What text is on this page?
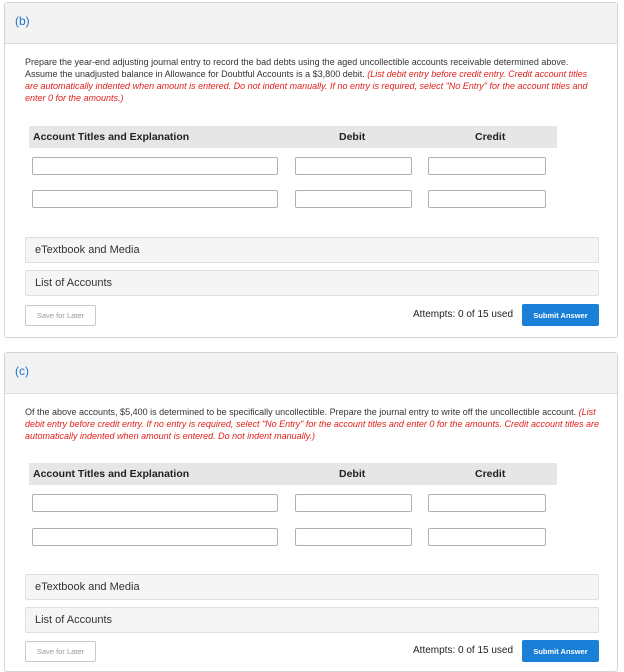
(b)
Prepare the year-end adjusting journal entry to record the bad debts using the aged uncollectible accounts receivable determined above. Assume the unadjusted balance in Allowance for Doubtful Accounts is a $3,800 debit. (List debit entry before credit entry. Credit account titles are automatically indented when amount is entered. Do not indent manually. If no entry is required, select "No Entry" for the account titles and enter 0 for the amounts.)
Account Titles and Explanation	Debit	Credit
eTextbook and Media
List of Accounts
Save for Later	Attempts: 0 of 15 used	Submit Answer
(c)
Of the above accounts, $5,400 is determined to be specifically uncollectible. Prepare the journal entry to write off the uncollectible account. (List debit entry before credit entry. If no entry is required, select "No Entry" for the account titles and enter 0 for the amounts. Credit account titles are automatically indented when amount is entered. Do not indent manually.)
Account Titles and Explanation	Debit	Credit
eTextbook and Media
List of Accounts
Save for Later	Attempts: 0 of 15 used	Submit Answer
